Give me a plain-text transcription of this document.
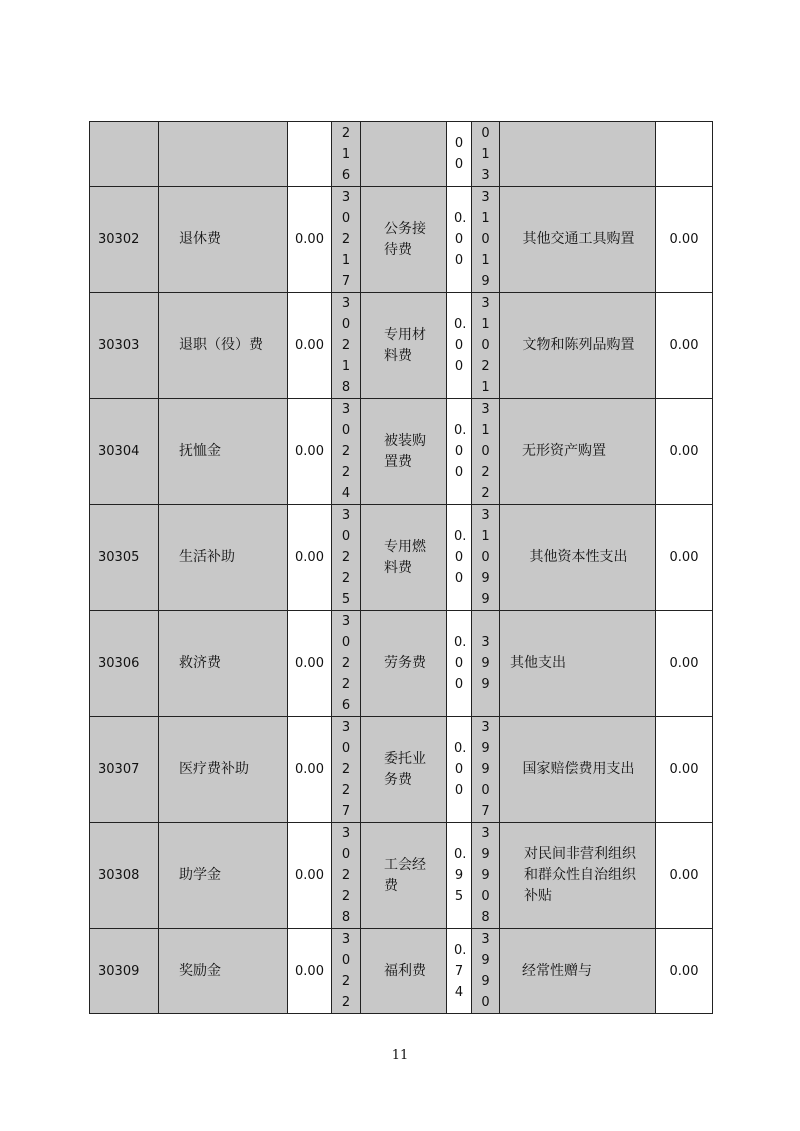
			216		00	013		
30302	退休费	0.00	30217	公务接待费	0.00	31019	其他交通工具购置	0.00
30303	退职（役）费	0.00	30218	专用材料费	0.00	31021	文物和陈列品购置	0.00
30304	抚恤金	0.00	30224	被装购置费	0.00	31022	无形资产购置	0.00
30305	生活补助	0.00	30225	专用燃料费	0.00	31099	其他资本性支出	0.00
30306	救济费	0.00	30226	劳务费	0.00	399	其他支出	0.00
30307	医疗费补助	0.00	30227	委托业务费	0.00	39907	国家赔偿费用支出	0.00
30308	助学金	0.00	30228	工会经费	0.95	39908	对民间非营利组织和群众性自治组织补贴	0.00
30309	奖励金	0.00	3022	福利费	0.74	3990	经常性赠与	0.00
11
